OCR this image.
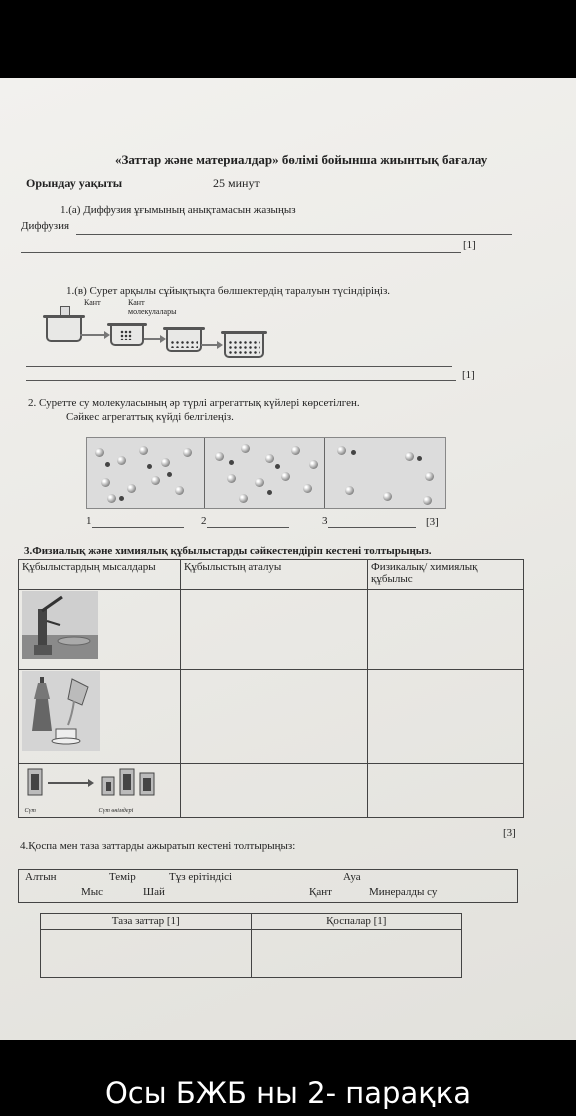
«Заттар және материалдар» бөлімі бойынша жиынтық бағалау
Орындау уақыты	25 минут
1.(а) Диффузия ұғымының анықтамасын жазыңыз
Диффузия
[1]
1.(в) Сурет арқылы сұйықтықта бөлшектердің таралуын түсіндіріңіз.
Кант	Кант
молекулалары
[1]
2. Суретте су молекуласының әр түрлі агрегаттық күйлері көрсетілген.
Сәйкес агрегаттық күйді белгілеңіз.
1	2	3	[3]
3.Физиалық және химиялық құбылыстарды сәйкестендіріп кестені толтырыңыз.
Құбылыстардың мысалдары	Құбылыстың аталуы	Физикалық/ химиялық құбылыс

Сүт Сүт өнімдері		

[3]
4.Қоспа мен таза заттарды ажыратып кестені толтырыңыз:
Алтын	Темір	Тұз ерітіндісі	Ауа
Мыс	Шай	Қант	Минералды су
Таза заттар [1]	Қоспалар [1]

Осы БЖБ ны 2- парақка
